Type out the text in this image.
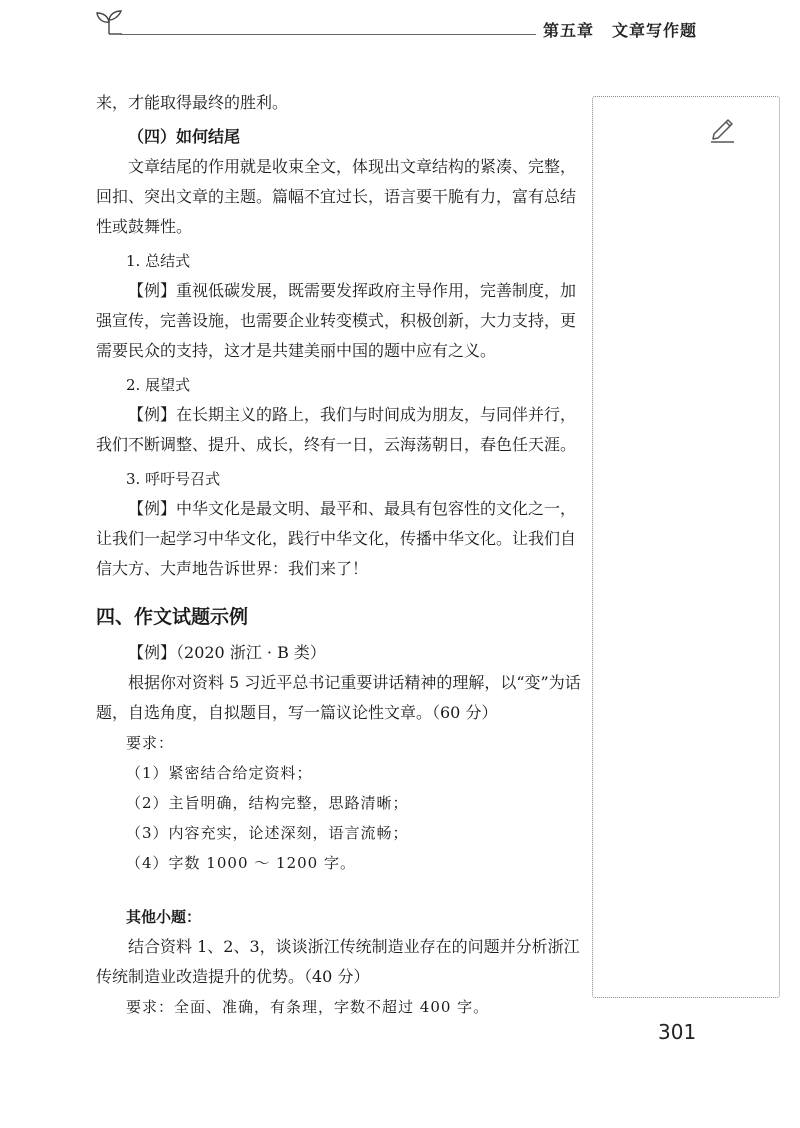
第五章 文章写作题

来，才能取得最终的胜利。

（四）如何结尾

文章结尾的作用就是收束全文，体现出文章结构的紧凑、完整，回扣、突出文章的主题。篇幅不宜过长，语言要干脆有力，富有总结性或鼓舞性。

1. 总结式

【例】重视低碳发展，既需要发挥政府主导作用，完善制度，加强宣传，完善设施，也需要企业转变模式，积极创新，大力支持，更需要民众的支持，这才是共建美丽中国的题中应有之义。

2. 展望式

【例】在长期主义的路上，我们与时间成为朋友，与同伴并行，我们不断调整、提升、成长，终有一日，云海荡朝日，春色任天涯。

3. 呼吁号召式

【例】中华文化是最文明、最平和、最具有包容性的文化之一，让我们一起学习中华文化，践行中华文化，传播中华文化。让我们自信大方、大声地告诉世界：我们来了！

四、作文试题示例

【例】（2020 浙江 · B 类）

根据你对资料 5 习近平总书记重要讲话精神的理解，以“变”为话题，自选角度，自拟题目，写一篇议论性文章。（60 分）

要求：
（1）紧密结合给定资料；
（2）主旨明确，结构完整，思路清晰；
（3）内容充实，论述深刻，语言流畅；
（4）字数 1000 ～ 1200 字。
其他小题：

结合资料 1、2、3，谈谈浙江传统制造业存在的问题并分析浙江传统制造业改造提升的优势。（40 分）

要求：全面、准确，有条理，字数不超过 400 字。
301
